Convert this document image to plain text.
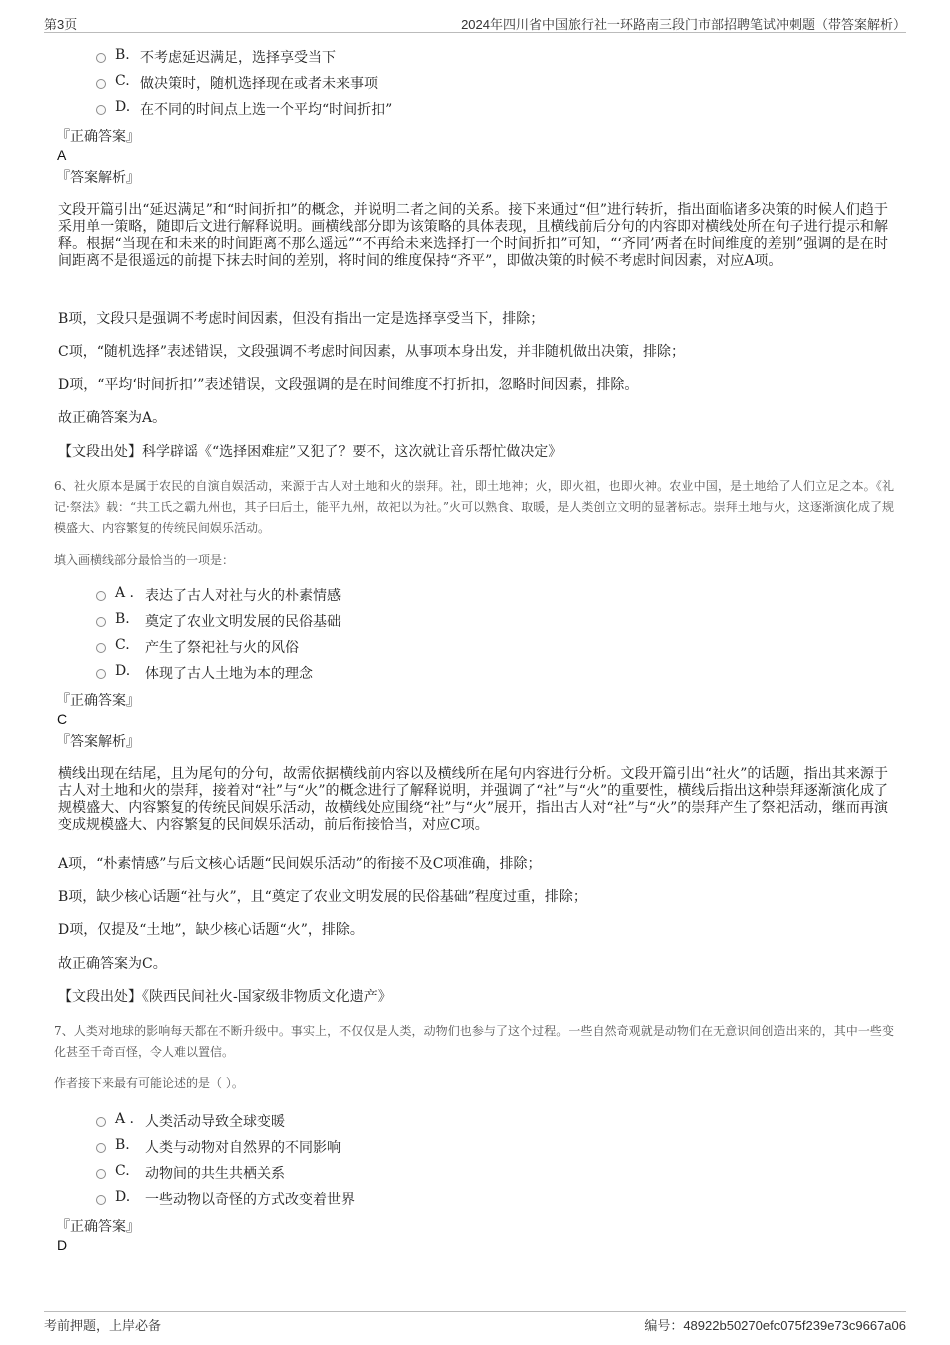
第3页	2024年四川省中国旅行社一环路南三段门市部招聘笔试冲刺题（带答案解析）
B. 不考虑延迟满足，选择享受当下
C. 做决策时，随机选择现在或者未来事项
D. 在不同的时间点上选一个平均“时间折扣”
『正确答案』
A
『答案解析』
文段开篇引出“延迟满足”和“时间折扣”的概念，并说明二者之间的关系。接下来通过“但”进行转折，指出面临诸多决策的时候人们趋于采用单一策略，随即后文进行解释说明。画横线部分即为该策略的具体表现，且横线前后分句的内容即对横线处所在句子进行提示和解释。根据“当现在和未来的时间距离不那么遥远”“不再给未来选择打一个时间折扣”可知，“‘齐同’两者在时间维度的差别”强调的是在时间距离不是很遥远的前提下抹去时间的差别，将时间的维度保持“齐平”，即做决策的时候不考虑时间因素，对应A项。
B项，文段只是强调不考虑时间因素，但没有指出一定是选择享受当下，排除；
C项，“随机选择”表述错误，文段强调不考虑时间因素，从事项本身出发，并非随机做出决策，排除；
D项，“平均‘时间折扣’”表述错误，文段强调的是在时间维度不打折扣，忽略时间因素，排除。
故正确答案为A。
【文段出处】科学辟谣《“选择困难症”又犯了？要不，这次就让音乐帮忙做决定》
6、社火原本是属于农民的自演自娱活动，来源于古人对土地和火的崇拜。社，即土地神；火，即火祖，也即火神。农业中国，是土地给了人们立足之本。《礼记·祭法》载：“共工氏之霸九州也，其子曰后土，能平九州，故祀以为社。”火可以熟食、取暖，是人类创立文明的显著标志。崇拜土地与火，这逐渐演化成了规模盛大、内容繁复的传统民间娱乐活动。
填入画横线部分最恰当的一项是：
A . 表达了古人对社与火的朴素情感
B. 奠定了农业文明发展的民俗基础
C. 产生了祭祀社与火的风俗
D. 体现了古人土地为本的理念
『正确答案』
C
『答案解析』
横线出现在结尾，且为尾句的分句，故需依据横线前内容以及横线所在尾句内容进行分析。文段开篇引出“社火”的话题，指出其来源于古人对土地和火的崇拜，接着对“社”与“火”的概念进行了解释说明，并强调了“社”与“火”的重要性，横线后指出这种崇拜逐渐演化成了规模盛大、内容繁复的传统民间娱乐活动，故横线处应围绕“社”与“火”展开，指出古人对“社”与“火”的崇拜产生了祭祀活动，继而再演变成规模盛大、内容繁复的民间娱乐活动，前后衔接恰当，对应C项。
A项，“朴素情感”与后文核心话题“民间娱乐活动”的衔接不及C项准确，排除；
B项，缺少核心话题“社与火”，且“奠定了农业文明发展的民俗基础”程度过重，排除；
D项，仅提及“土地”，缺少核心话题“火”，排除。
故正确答案为C。
【文段出处】《陕西民间社火-国家级非物质文化遗产》
7、人类对地球的影响每天都在不断升级中。事实上，不仅仅是人类，动物们也参与了这个过程。一些自然奇观就是动物们在无意识间创造出来的，其中一些变化甚至千奇百怪，令人难以置信。
作者接下来最有可能论述的是（ ）。
A . 人类活动导致全球变暖
B. 人类与动物对自然界的不同影响
C. 动物间的共生共栖关系
D. 一些动物以奇怪的方式改变着世界
『正确答案』
D
考前押题，上岸必备	编号：48922b50270efc075f239e73c9667a06
